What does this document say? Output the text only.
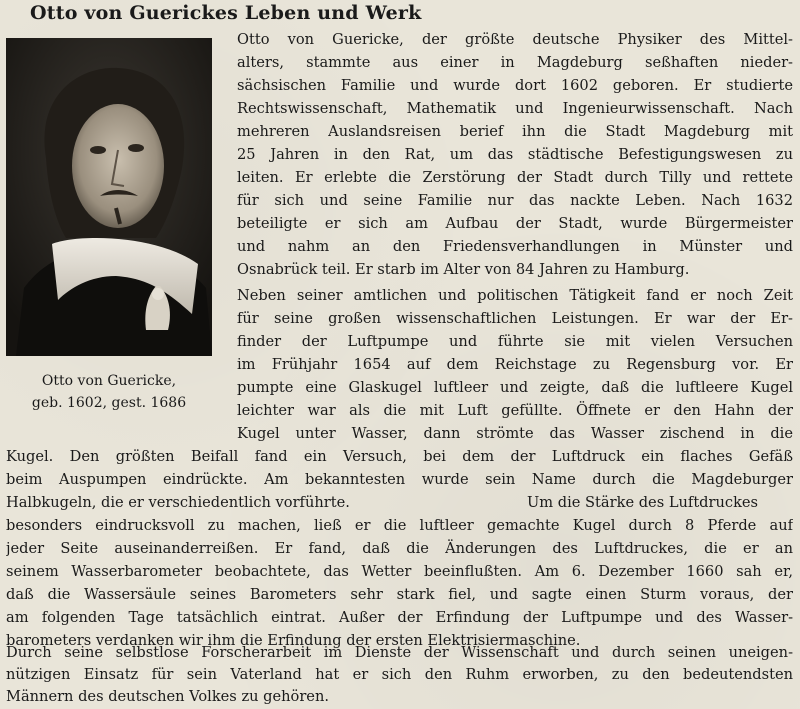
Otto von Guerickes Leben und Werk
Otto von Guericke,
geb. 1602, gest. 1686
Otto von Guericke, der größte deutsche Physiker des Mittel-
alters, stammte aus einer in Magdeburg seßhaften nieder-
sächsischen Familie und wurde dort 1602 geboren. Er studierte
Rechtswissenschaft, Mathematik und Ingenieurwissenschaft. Nach
mehreren Auslandsreisen berief ihn die Stadt Magdeburg mit
25 Jahren in den Rat, um das städtische Befestigungswesen zu
leiten. Er erlebte die Zerstörung der Stadt durch Tilly und rettete
für sich und seine Familie nur das nackte Leben. Nach 1632
beteiligte er sich am Aufbau der Stadt, wurde Bürgermeister
und nahm an den Friedensverhandlungen in Münster und
Osnabrück teil. Er starb im Alter von 84 Jahren zu Hamburg.
Neben seiner amtlichen und politischen Tätigkeit fand er noch Zeit
für seine großen wissenschaftlichen Leistungen. Er war der Er-
finder der Luftpumpe und führte sie mit vielen Versuchen
im Frühjahr 1654 auf dem Reichstage zu Regensburg vor. Er
pumpte eine Glaskugel luftleer und zeigte, daß die luftleere Kugel
leichter war als die mit Luft gefüllte. Öffnete er den Hahn der
Kugel unter Wasser, dann strömte das Wasser zischend in die
Kugel. Den größten Beifall fand ein Versuch, bei dem der Luftdruck ein flaches Gefäß
beim Auspumpen eindrückte. Am bekanntesten wurde sein Name durch die Magdeburger
Halbkugeln, die er verschiedentlich vorführte.	Um die Stärke des Luftdruckes
besonders eindrucksvoll zu machen, ließ er die luftleer gemachte Kugel durch 8 Pferde auf
jeder Seite auseinanderreißen. Er fand, daß die Änderungen des Luftdruckes, die er an
seinem Wasserbarometer beobachtete, das Wetter beeinflußten. Am 6. Dezember 1660 sah er,
daß die Wassersäule seines Barometers sehr stark fiel, und sagte einen Sturm voraus, der
am folgenden Tage tatsächlich eintrat. Außer der Erfindung der Luftpumpe und des Wasser-
barometers verdanken wir ihm die Erfindung der ersten Elektrisiermaschine.
Durch seine selbstlose Forscherarbeit im Dienste der Wissenschaft und durch seinen uneigen-
nützigen Einsatz für sein Vaterland hat er sich den Ruhm erworben, zu den bedeutendsten
Männern des deutschen Volkes zu gehören.
